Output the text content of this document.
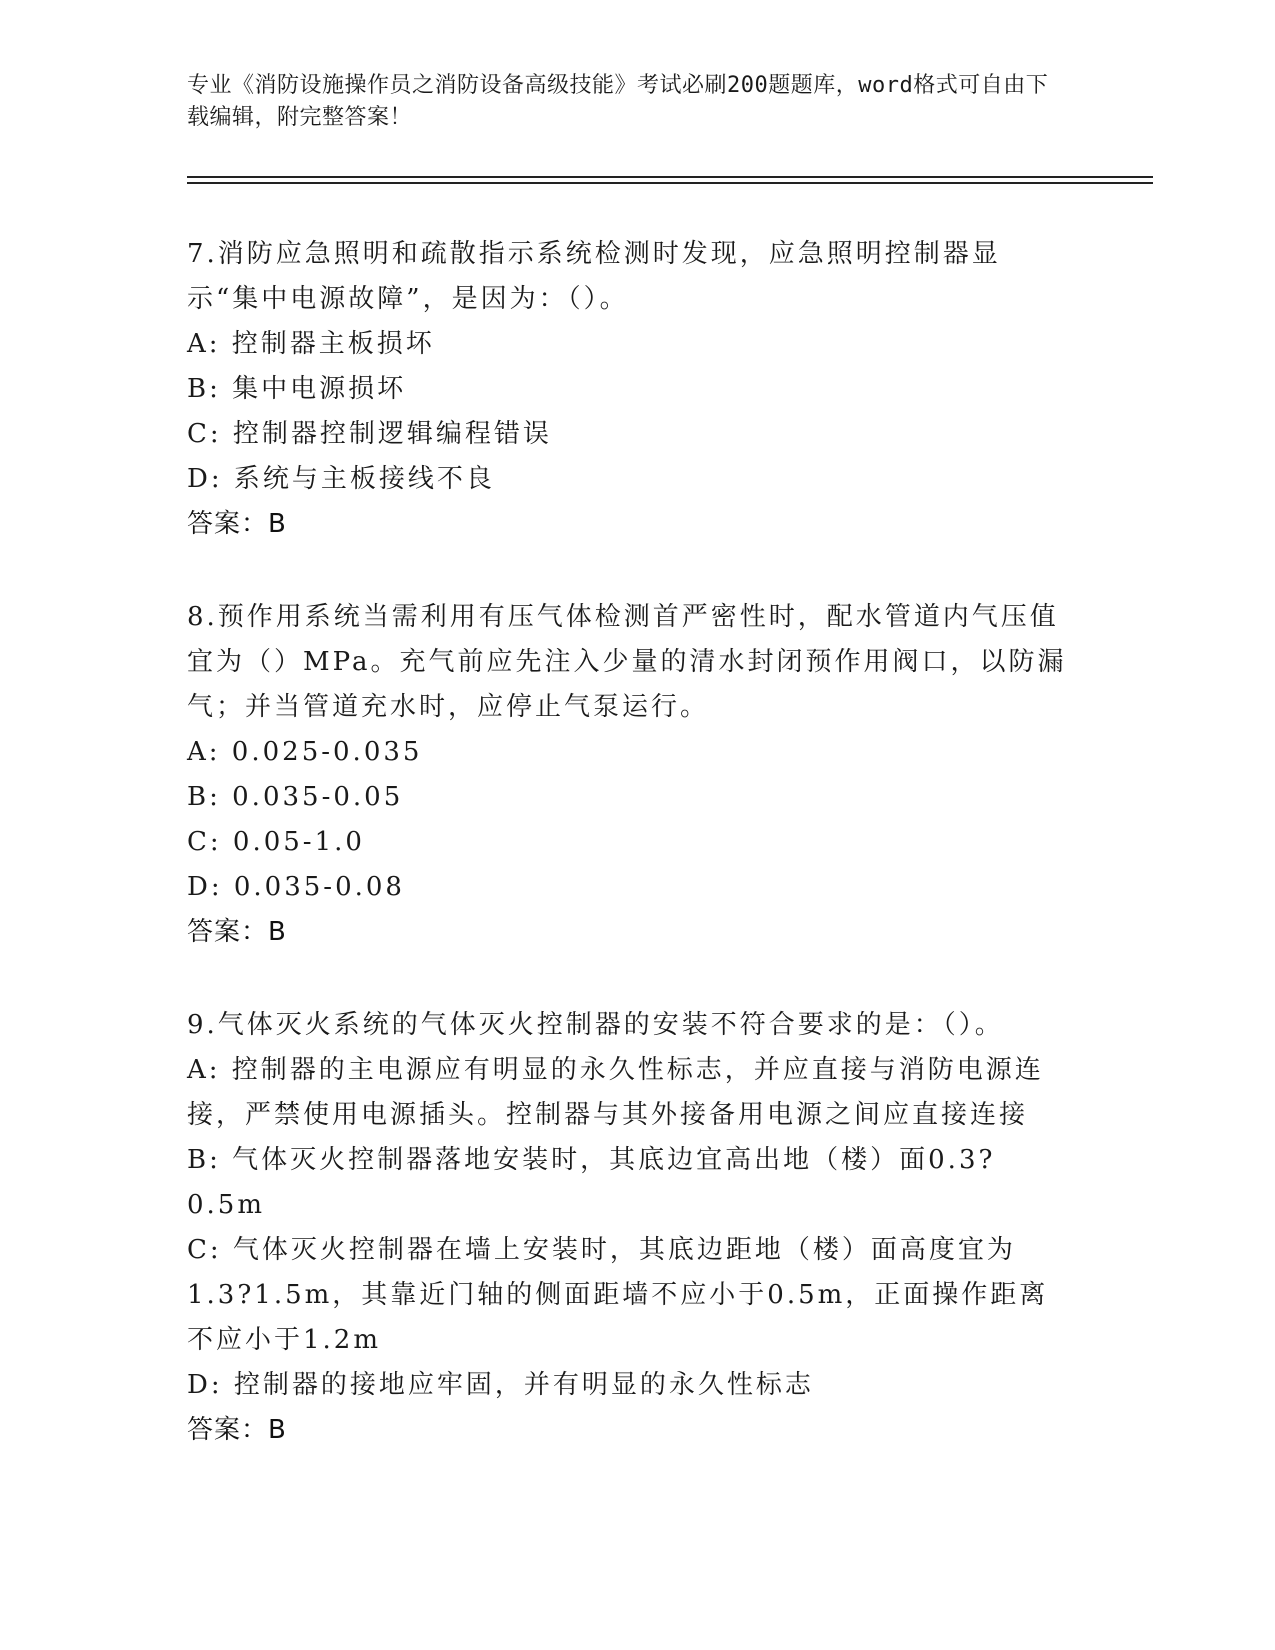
专业《消防设施操作员之消防设备高级技能》考试必刷200题题库，word格式可自由下载编辑，附完整答案！

7.消防应急照明和疏散指示系统检测时发现，应急照明控制器显示“集中电源故障”，是因为：（）。

A: 控制器主板损坏

B: 集中电源损坏

C: 控制器控制逻辑编程错误

D: 系统与主板接线不良

答案：B

8.预作用系统当需利用有压气体检测首严密性时，配水管道内气压值宜为（）MPa。充气前应先注入少量的清水封闭预作用阀口，以防漏气；并当管道充水时，应停止气泵运行。

A: 0.025-0.035

B: 0.035-0.05

C: 0.05-1.0

D: 0.035-0.08

答案：B

9.气体灭火系统的气体灭火控制器的安装不符合要求的是：（）。

A: 控制器的主电源应有明显的永久性标志，并应直接与消防电源连接，严禁使用电源插头。控制器与其外接备用电源之间应直接连接

B: 气体灭火控制器落地安装时，其底边宜高出地（楼）面0.3?0.5m

C: 气体灭火控制器在墙上安装时，其底边距地（楼）面高度宜为1.3?1.5m，其靠近门轴的侧面距墙不应小于0.5m，正面操作距离不应小于1.2m

D: 控制器的接地应牢固，并有明显的永久性标志

答案：B
